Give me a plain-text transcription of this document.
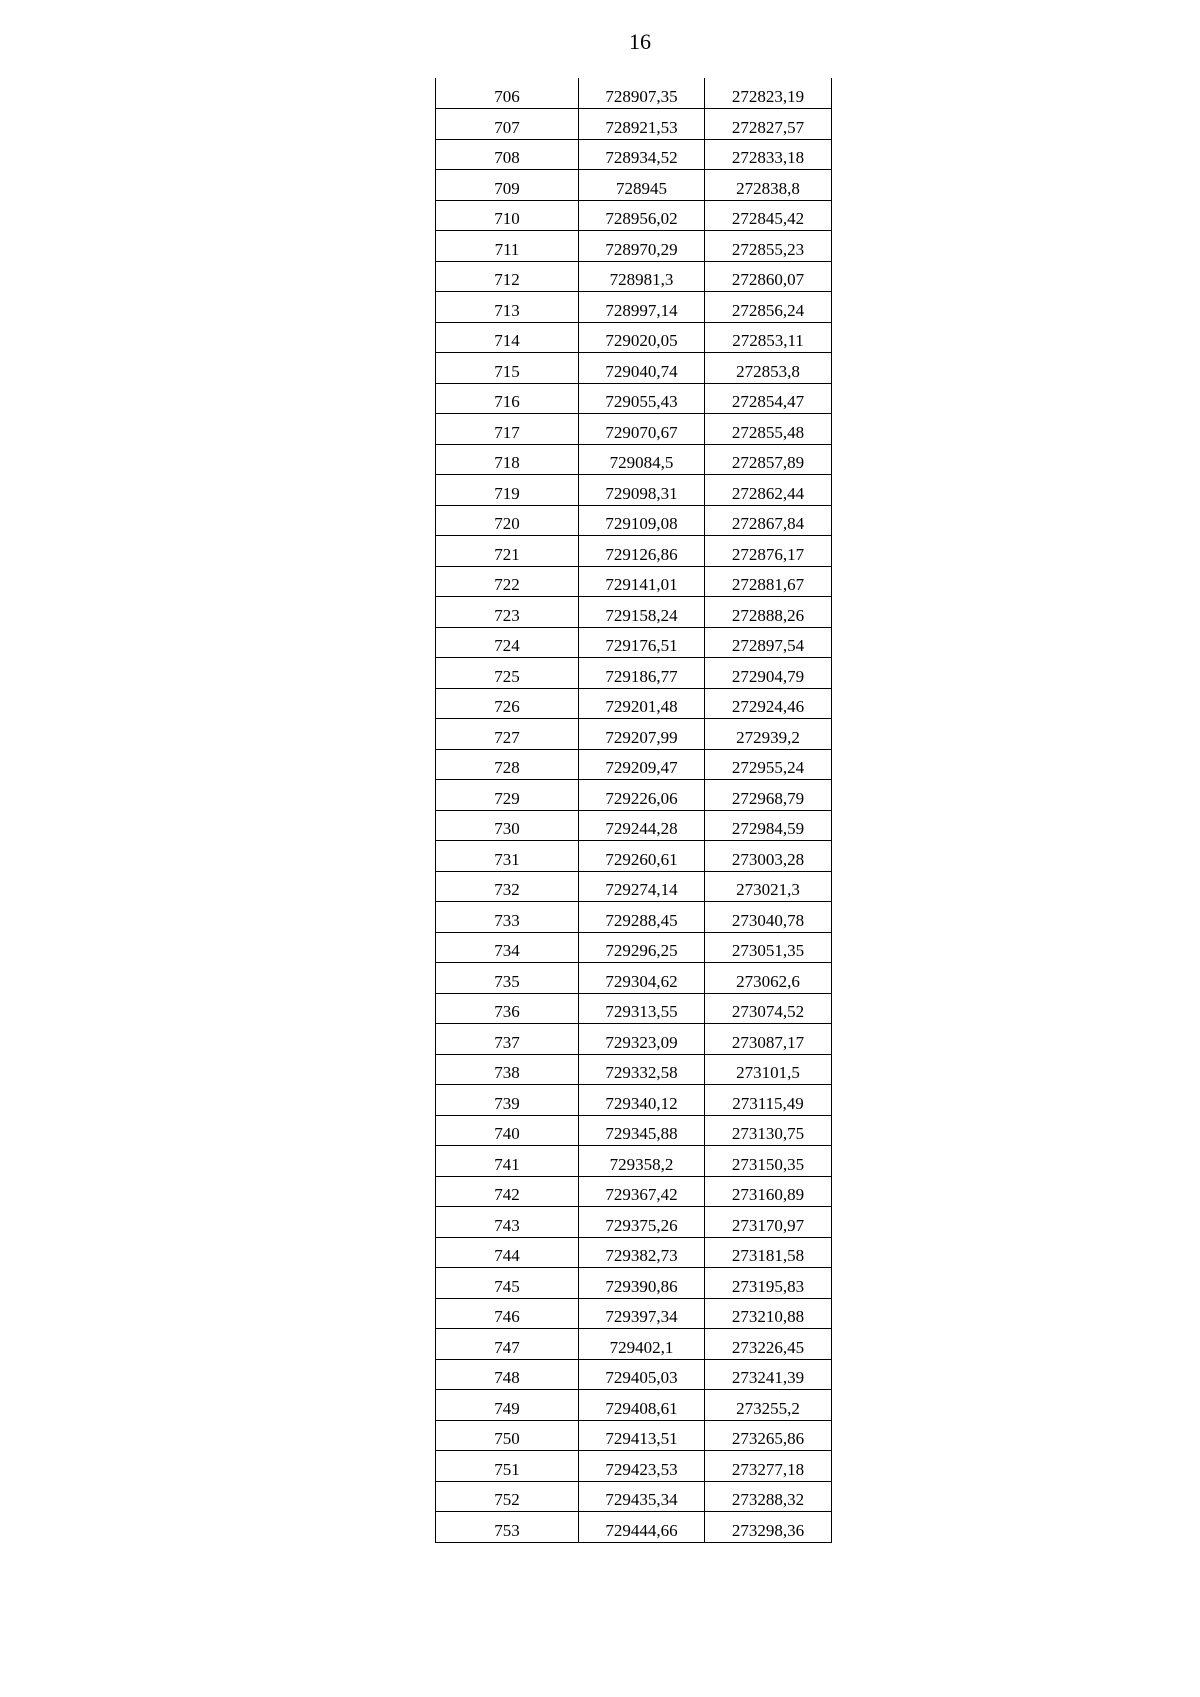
16
706	728907,35	272823,19
707	728921,53	272827,57
708	728934,52	272833,18
709	728945	272838,8
710	728956,02	272845,42
711	728970,29	272855,23
712	728981,3	272860,07
713	728997,14	272856,24
714	729020,05	272853,11
715	729040,74	272853,8
716	729055,43	272854,47
717	729070,67	272855,48
718	729084,5	272857,89
719	729098,31	272862,44
720	729109,08	272867,84
721	729126,86	272876,17
722	729141,01	272881,67
723	729158,24	272888,26
724	729176,51	272897,54
725	729186,77	272904,79
726	729201,48	272924,46
727	729207,99	272939,2
728	729209,47	272955,24
729	729226,06	272968,79
730	729244,28	272984,59
731	729260,61	273003,28
732	729274,14	273021,3
733	729288,45	273040,78
734	729296,25	273051,35
735	729304,62	273062,6
736	729313,55	273074,52
737	729323,09	273087,17
738	729332,58	273101,5
739	729340,12	273115,49
740	729345,88	273130,75
741	729358,2	273150,35
742	729367,42	273160,89
743	729375,26	273170,97
744	729382,73	273181,58
745	729390,86	273195,83
746	729397,34	273210,88
747	729402,1	273226,45
748	729405,03	273241,39
749	729408,61	273255,2
750	729413,51	273265,86
751	729423,53	273277,18
752	729435,34	273288,32
753	729444,66	273298,36
